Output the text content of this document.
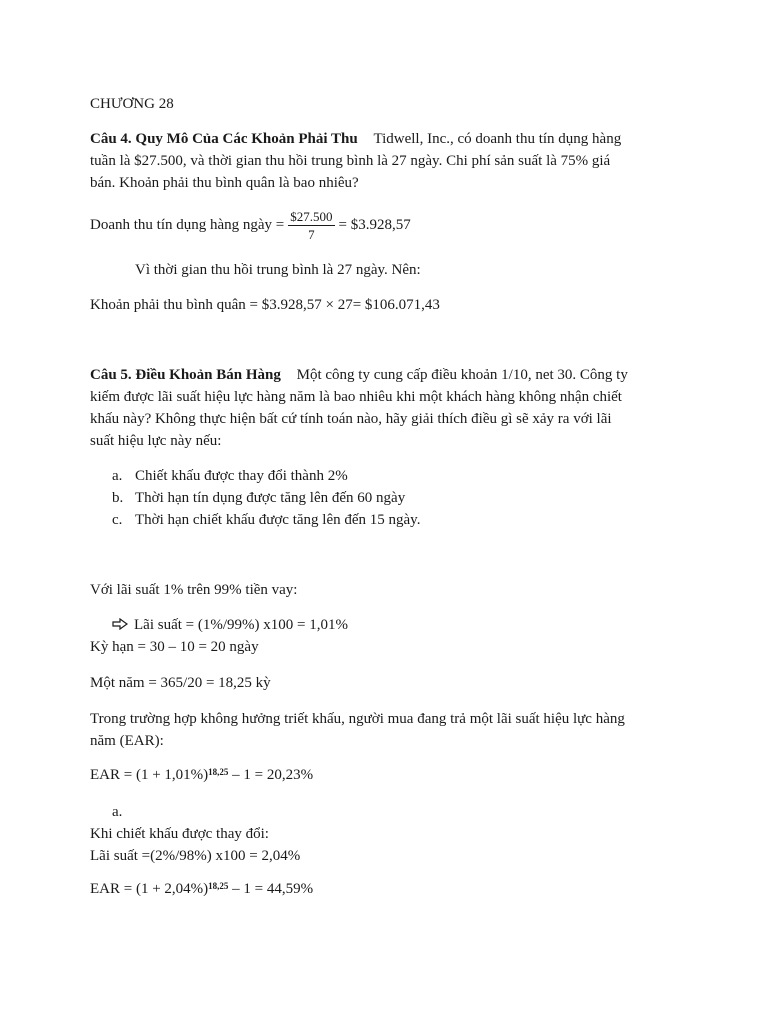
CHƯƠNG 28
Câu 4. Quy Mô Của Các Khoản Phải Thu Tidwell, Inc., có doanh thu tín dụng hàng
tuần là $27.500, và thời gian thu hồi trung bình là 27 ngày. Chi phí sản suất là 75% giá
bán. Khoản phải thu bình quân là bao nhiêu?
Doanh thu tín dụng hàng ngày = $\frac{\$27.500}{7}$ = $3.928,57
Vì thời gian thu hồi trung bình là 27 ngày. Nên:
Khoản phải thu bình quân = $3.928,57 × 27= $106.071,43
Câu 5. Điều Khoản Bán Hàng Một công ty cung cấp điều khoản 1/10, net 30. Công ty
kiếm được lãi suất hiệu lực hàng năm là bao nhiêu khi một khách hàng không nhận chiết
khấu này? Không thực hiện bất cứ tính toán nào, hãy giải thích điều gì sẽ xảy ra với lãi
suất hiệu lực này nếu:
a. Chiết khấu được thay đổi thành 2%
b. Thời hạn tín dụng được tăng lên đến 60 ngày
c. Thời hạn chiết khấu được tăng lên đến 15 ngày.
Với lãi suất 1% trên 99% tiền vay:
Lãi suất = (1%/99%) x100 = 1,01%
Kỳ hạn = 30 – 10 = 20 ngày
Một năm = 365/20 = 18,25 kỳ
Trong trường hợp không hưởng triết khấu, người mua đang trả một lãi suất hiệu lực hàng
năm (EAR):
EAR = $(1 + 1,01\%)^{18,25} - 1 = 20,23\%$
a.
Khi chiết khấu được thay đổi:
Lãi suất =(2%/98%) x100 = 2,04%
EAR = $(1 + 2,04\%)^{18,25} - 1 = 44,59\%$
